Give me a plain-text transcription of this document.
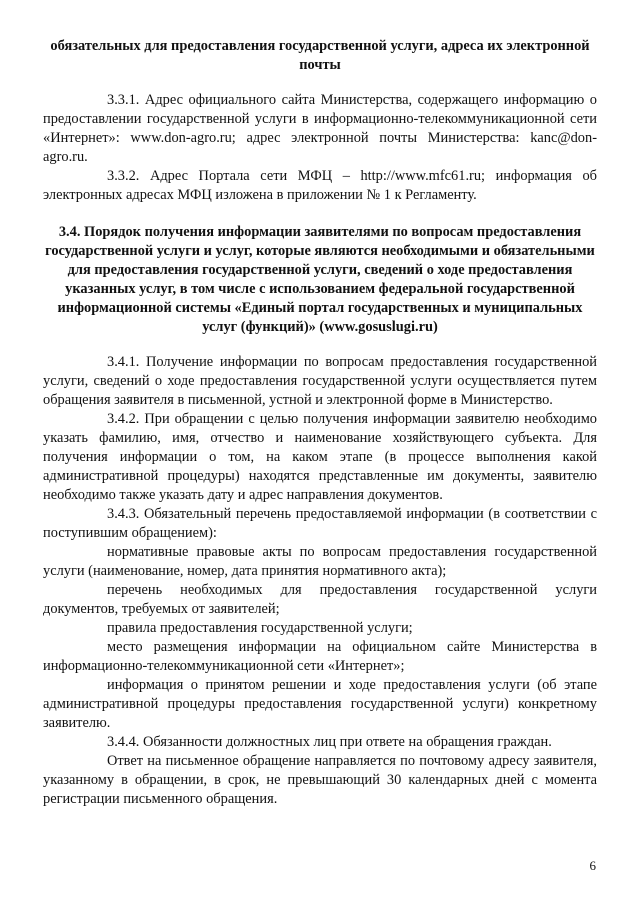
обязательных для предоставления государственной услуги, адреса их электронной почты

3.3.1. Адрес официального сайта Министерства, содержащего информацию о предоставлении государственной услуги в информационно-телекоммуникационной сети «Интернет»: www.don-agro.ru; адрес электронной почты Министерства: kanc@don-agro.ru.

3.3.2. Адрес Портала сети МФЦ – http://www.mfc61.ru; информация об электронных адресах МФЦ изложена в приложении № 1 к Регламенту.

3.4. Порядок получения информации заявителями по вопросам предоставления государственной услуги и услуг, которые являются необходимыми и обязательными для предоставления государственной услуги, сведений о ходе предоставления указанных услуг, в том числе с использованием федеральной государственной информационной системы «Единый портал государственных и муниципальных услуг (функций)» (www.gosuslugi.ru)

3.4.1. Получение информации по вопросам предоставления государственной услуги, сведений о ходе предоставления государственной услуги осуществляется путем обращения заявителя в письменной, устной и электронной форме в Министерство.

3.4.2. При обращении с целью получения информации заявителю необходимо указать фамилию, имя, отчество и наименование хозяйствующего субъекта. Для получения информации о том, на каком этапе (в процессе выполнения какой административной процедуры) находятся представленные им документы, заявителю необходимо также указать дату и адрес направления документов.

3.4.3. Обязательный перечень предоставляемой информации (в соответствии с поступившим обращением):

нормативные правовые акты по вопросам предоставления государственной услуги (наименование, номер, дата принятия нормативного акта);

перечень необходимых для предоставления государственной услуги документов, требуемых от заявителей;

правила предоставления государственной услуги;

место размещения информации на официальном сайте Министерства в информационно-телекоммуникационной сети «Интернет»;

информация о принятом решении и ходе предоставления услуги (об этапе административной процедуры предоставления государственной услуги) конкретному заявителю.

3.4.4. Обязанности должностных лиц при ответе на обращения граждан.

Ответ на письменное обращение направляется по почтовому адресу заявителя, указанному в обращении, в срок, не превышающий 30 календарных дней с момента регистрации письменного обращения.

6
